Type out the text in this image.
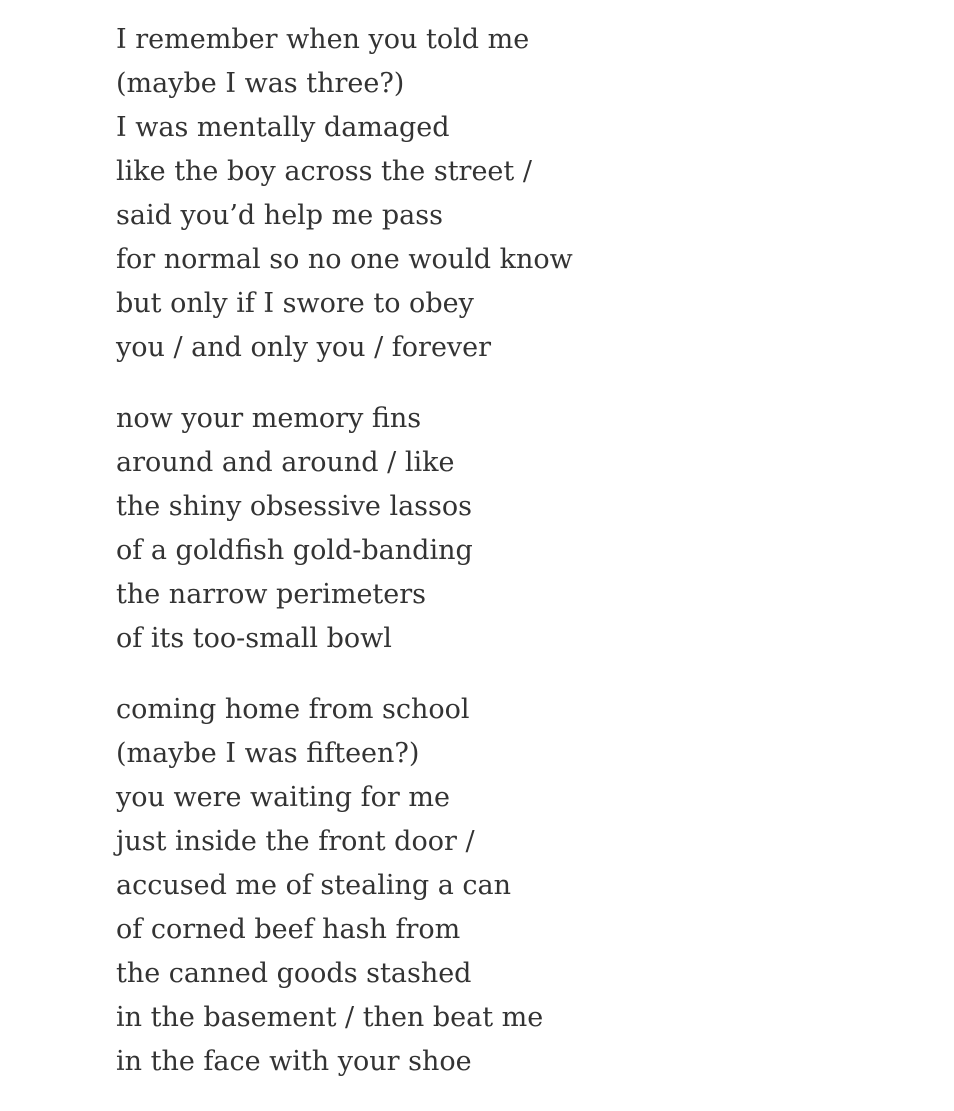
I remember when you told me
(maybe I was three?)
I was mentally damaged
like the boy across the street /
said you’d help me pass
for normal so no one would know
but only if I swore to obey
you / and only you / forever
now your memory fins
around and around / like
the shiny obsessive lassos
of a goldfish gold-banding
the narrow perimeters
of its too-small bowl
coming home from school
(maybe I was fifteen?)
you were waiting for me
just inside the front door /
accused me of stealing a can
of corned beef hash from
the canned goods stashed
in the basement / then beat me
in the face with your shoe
